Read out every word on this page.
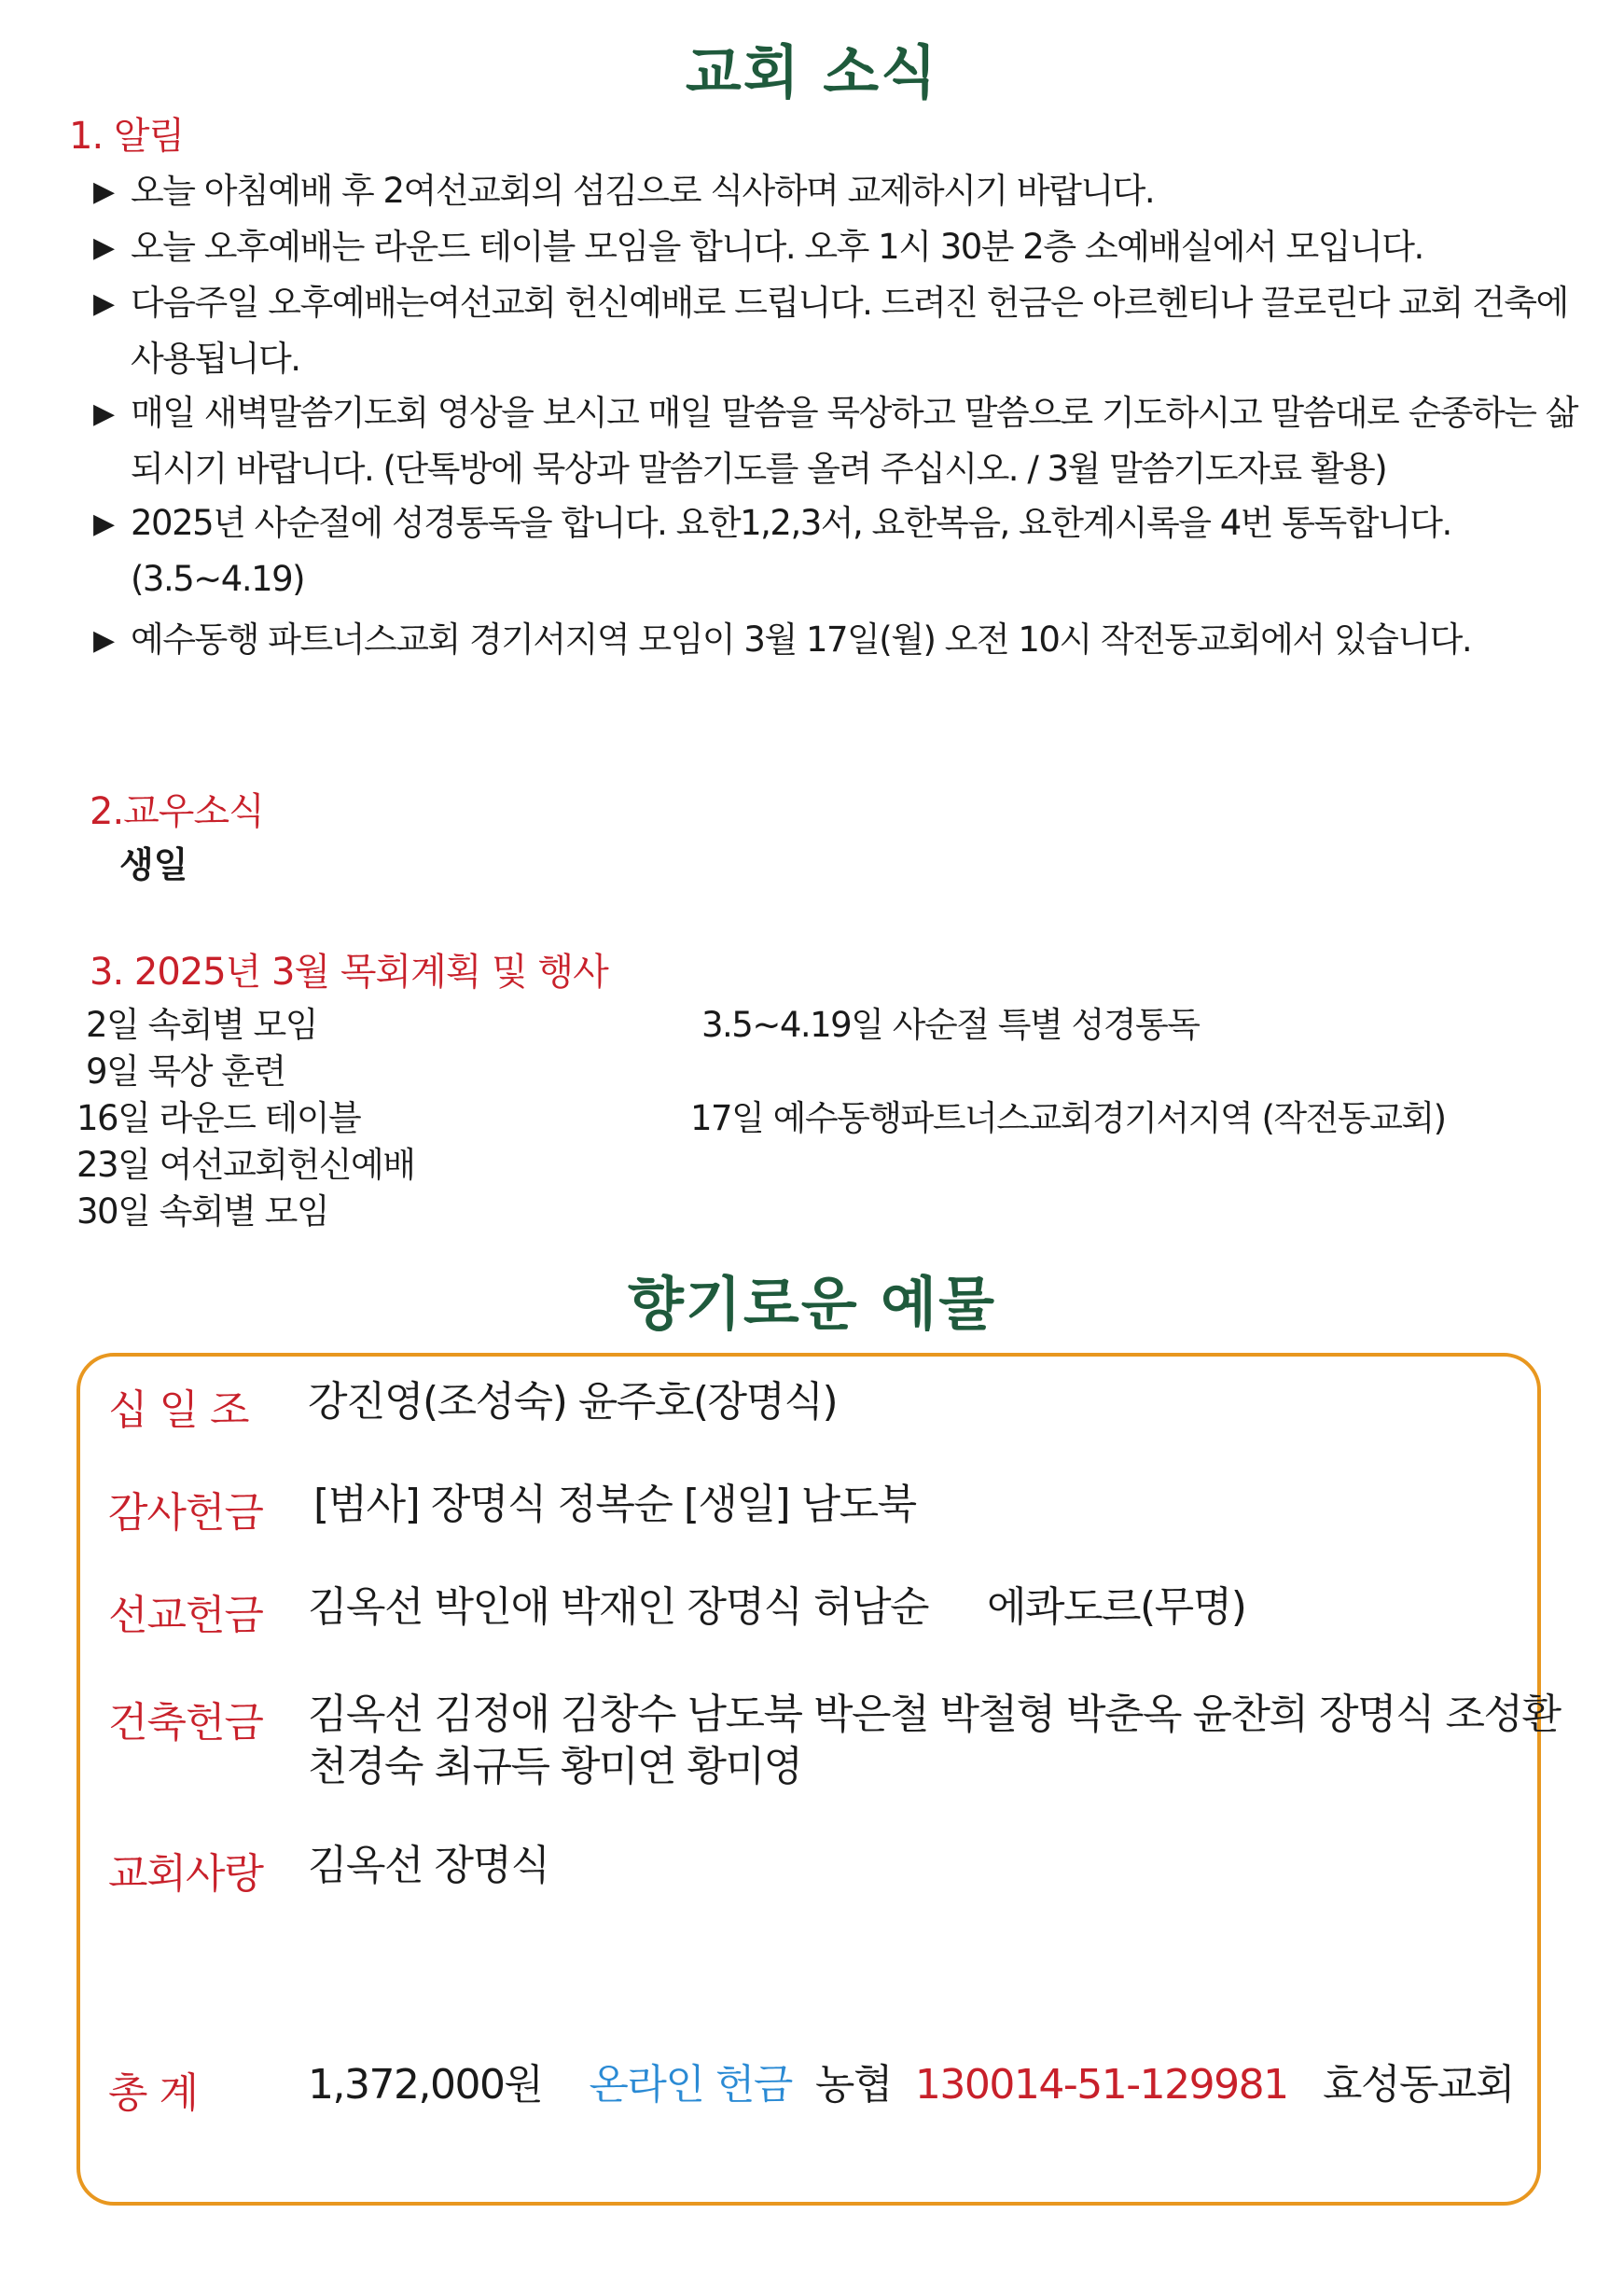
교회 소식
1. 알림
▶ 오늘 아침예배 후 2여선교회의 섬김으로 식사하며 교제하시기 바랍니다.
▶ 오늘 오후예배는 라운드 테이블 모임을 합니다. 오후 1시 30분 2층 소예배실에서 모입니다.
▶ 다음주일 오후예배는여선교회 헌신예배로 드립니다. 드려진 헌금은 아르헨티나 끌로린다 교회 건축에 사용됩니다.
▶ 매일 새벽말씀기도회 영상을 보시고 매일 말씀을 묵상하고 말씀으로 기도하시고 말씀대로 순종하는 삶 되시기 바랍니다. (단톡방에 묵상과 말씀기도를 올려 주십시오. / 3월 말씀기도자료 활용)
▶ 2025년 사순절에 성경통독을 합니다. 요한1,2,3서, 요한복음, 요한계시록을 4번 통독합니다. (3.5~4.19)
▶ 예수동행 파트너스교회 경기서지역 모임이 3월 17일(월) 오전 10시 작전동교회에서 있습니다.
2.교우소식
생일
3. 2025년 3월 목회계획 및 행사
2일 속회별 모임
9일 묵상 훈련
16일 라운드 테이블
23일 여선교회헌신예배
30일 속회별 모임
3.5~4.19일 사순절 특별 성경통독
17일 예수동행파트너스교회경기서지역 (작전동교회)
향기로운 예물
십 일 조 강진영(조성숙) 윤주호(장명식)
감사헌금 [범사] 장명식 정복순 [생일] 남도북
선교헌금 김옥선 박인애 박재인 장명식 허남순 에콰도르(무명)
건축헌금 김옥선 김정애 김창수 남도북 박은철 박철형 박춘옥 윤찬희 장명식 조성환
천경숙 최규득 황미연 황미영
교회사랑 김옥선 장명식
총 계	1,372,000원 온라인 헌금 농협 130014-51-129981 효성동교회
